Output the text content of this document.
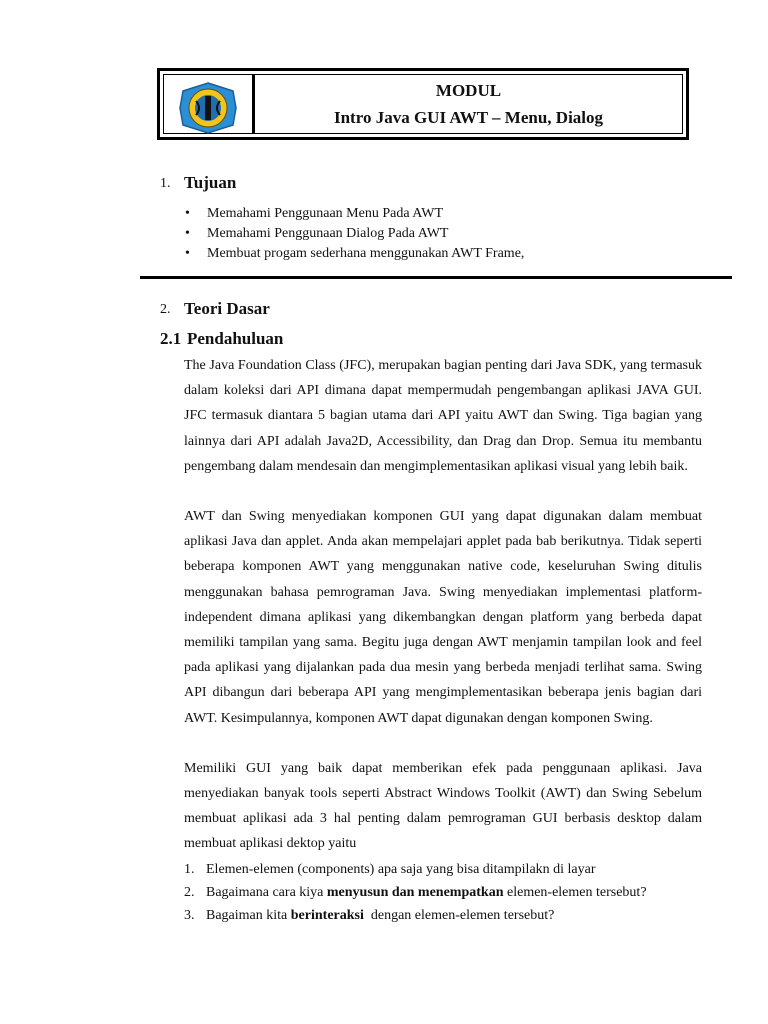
MODUL
Intro Java GUI AWT – Menu, Dialog
1. Tujuan
• Memahami Penggunaan Menu Pada AWT
• Memahami Penggunaan Dialog Pada AWT
• Membuat progam sederhana menggunakan AWT Frame,
2. Teori Dasar
2.1 Pendahuluan

The Java Foundation Class (JFC), merupakan bagian penting dari Java SDK, yang termasuk dalam koleksi dari API dimana dapat mempermudah pengembangan aplikasi JAVA GUI. JFC termasuk diantara 5 bagian utama dari API yaitu AWT dan Swing. Tiga bagian yang lainnya dari API adalah Java2D, Accessibility, dan Drag dan Drop. Semua itu membantu pengembang dalam mendesain dan mengimplementasikan aplikasi visual yang lebih baik.

AWT dan Swing menyediakan komponen GUI yang dapat digunakan dalam membuat aplikasi Java dan applet. Anda akan mempelajari applet pada bab berikutnya. Tidak seperti beberapa komponen AWT yang menggunakan native code, keseluruhan Swing ditulis menggunakan bahasa pemrograman Java. Swing menyediakan implementasi platform-independent dimana aplikasi yang dikembangkan dengan platform yang berbeda dapat memiliki tampilan yang sama. Begitu juga dengan AWT menjamin tampilan look and feel pada aplikasi yang dijalankan pada dua mesin yang berbeda menjadi terlihat sama. Swing API dibangun dari beberapa API yang mengimplementasikan beberapa jenis bagian dari AWT. Kesimpulannya, komponen AWT dapat digunakan dengan komponen Swing.

Memiliki GUI yang baik dapat memberikan efek pada penggunaan aplikasi. Java menyediakan banyak tools seperti Abstract Windows Toolkit (AWT) dan Swing Sebelum membuat aplikasi ada 3 hal penting dalam pemrograman GUI berbasis desktop dalam membuat aplikasi dektop yaitu

1. Elemen-elemen (components) apa saja yang bisa ditampilakn di layar
2. Bagaimana cara kiya menyusun dan menempatkan elemen-elemen tersebut?
3. Bagaiman kita berinteraksi  dengan elemen-elemen tersebut?
